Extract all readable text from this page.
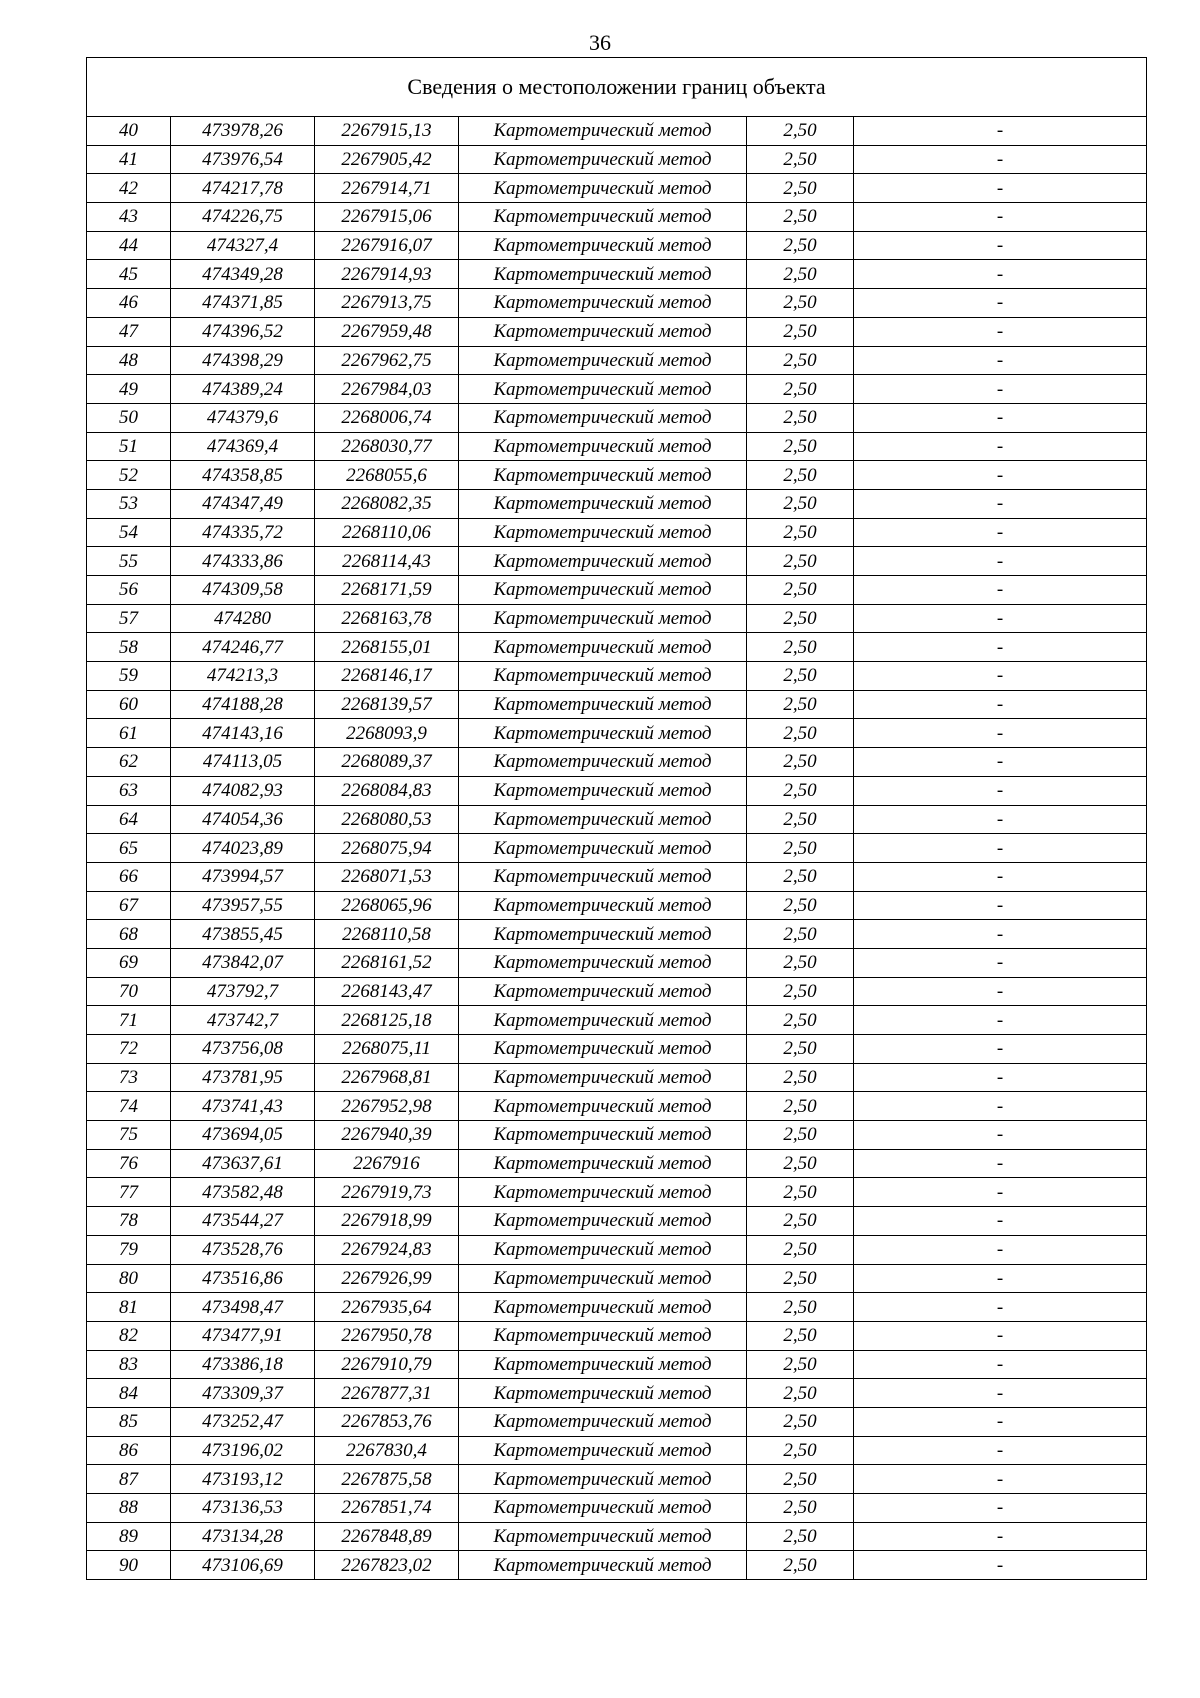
36
Сведения о местоположении границ объекта					
40	473978,26	2267915,13	Картометрический метод	2,50	-
41	473976,54	2267905,42	Картометрический метод	2,50	-
42	474217,78	2267914,71	Картометрический метод	2,50	-
43	474226,75	2267915,06	Картометрический метод	2,50	-
44	474327,4	2267916,07	Картометрический метод	2,50	-
45	474349,28	2267914,93	Картометрический метод	2,50	-
46	474371,85	2267913,75	Картометрический метод	2,50	-
47	474396,52	2267959,48	Картометрический метод	2,50	-
48	474398,29	2267962,75	Картометрический метод	2,50	-
49	474389,24	2267984,03	Картометрический метод	2,50	-
50	474379,6	2268006,74	Картометрический метод	2,50	-
51	474369,4	2268030,77	Картометрический метод	2,50	-
52	474358,85	2268055,6	Картометрический метод	2,50	-
53	474347,49	2268082,35	Картометрический метод	2,50	-
54	474335,72	2268110,06	Картометрический метод	2,50	-
55	474333,86	2268114,43	Картометрический метод	2,50	-
56	474309,58	2268171,59	Картометрический метод	2,50	-
57	474280	2268163,78	Картометрический метод	2,50	-
58	474246,77	2268155,01	Картометрический метод	2,50	-
59	474213,3	2268146,17	Картометрический метод	2,50	-
60	474188,28	2268139,57	Картометрический метод	2,50	-
61	474143,16	2268093,9	Картометрический метод	2,50	-
62	474113,05	2268089,37	Картометрический метод	2,50	-
63	474082,93	2268084,83	Картометрический метод	2,50	-
64	474054,36	2268080,53	Картометрический метод	2,50	-
65	474023,89	2268075,94	Картометрический метод	2,50	-
66	473994,57	2268071,53	Картометрический метод	2,50	-
67	473957,55	2268065,96	Картометрический метод	2,50	-
68	473855,45	2268110,58	Картометрический метод	2,50	-
69	473842,07	2268161,52	Картометрический метод	2,50	-
70	473792,7	2268143,47	Картометрический метод	2,50	-
71	473742,7	2268125,18	Картометрический метод	2,50	-
72	473756,08	2268075,11	Картометрический метод	2,50	-
73	473781,95	2267968,81	Картометрический метод	2,50	-
74	473741,43	2267952,98	Картометрический метод	2,50	-
75	473694,05	2267940,39	Картометрический метод	2,50	-
76	473637,61	2267916	Картометрический метод	2,50	-
77	473582,48	2267919,73	Картометрический метод	2,50	-
78	473544,27	2267918,99	Картометрический метод	2,50	-
79	473528,76	2267924,83	Картометрический метод	2,50	-
80	473516,86	2267926,99	Картометрический метод	2,50	-
81	473498,47	2267935,64	Картометрический метод	2,50	-
82	473477,91	2267950,78	Картометрический метод	2,50	-
83	473386,18	2267910,79	Картометрический метод	2,50	-
84	473309,37	2267877,31	Картометрический метод	2,50	-
85	473252,47	2267853,76	Картометрический метод	2,50	-
86	473196,02	2267830,4	Картометрический метод	2,50	-
87	473193,12	2267875,58	Картометрический метод	2,50	-
88	473136,53	2267851,74	Картометрический метод	2,50	-
89	473134,28	2267848,89	Картометрический метод	2,50	-
90	473106,69	2267823,02	Картометрический метод	2,50	-
